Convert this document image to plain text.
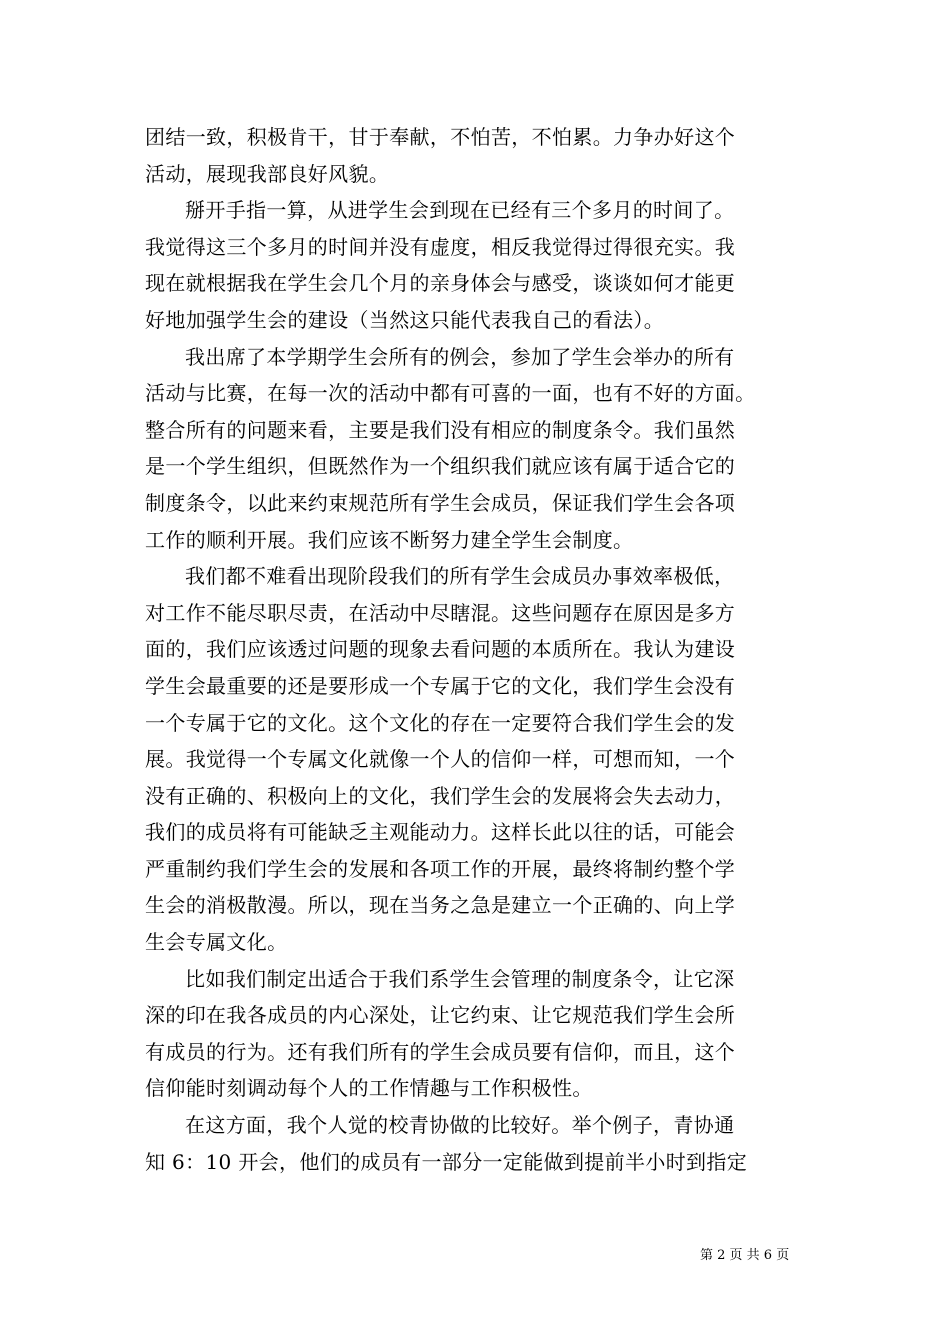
团结一致，积极肯干，甘于奉献，不怕苦，不怕累。力争办好这个
活动，展现我部良好风貌。
掰开手指一算，从进学生会到现在已经有三个多月的时间了。
我觉得这三个多月的时间并没有虚度，相反我觉得过得很充实。我
现在就根据我在学生会几个月的亲身体会与感受，谈谈如何才能更
好地加强学生会的建设（当然这只能代表我自己的看法）。
我出席了本学期学生会所有的例会，参加了学生会举办的所有
活动与比赛，在每一次的活动中都有可喜的一面，也有不好的方面。
整合所有的问题来看，主要是我们没有相应的制度条令。我们虽然
是一个学生组织，但既然作为一个组织我们就应该有属于适合它的
制度条令，以此来约束规范所有学生会成员，保证我们学生会各项
工作的顺利开展。我们应该不断努力建全学生会制度。
我们都不难看出现阶段我们的所有学生会成员办事效率极低，
对工作不能尽职尽责，在活动中尽瞎混。这些问题存在原因是多方
面的，我们应该透过问题的现象去看问题的本质所在。我认为建设
学生会最重要的还是要形成一个专属于它的文化，我们学生会没有
一个专属于它的文化。这个文化的存在一定要符合我们学生会的发
展。我觉得一个专属文化就像一个人的信仰一样，可想而知，一个
没有正确的、积极向上的文化，我们学生会的发展将会失去动力，
我们的成员将有可能缺乏主观能动力。这样长此以往的话，可能会
严重制约我们学生会的发展和各项工作的开展，最终将制约整个学
生会的消极散漫。所以，现在当务之急是建立一个正确的、向上学
生会专属文化。
比如我们制定出适合于我们系学生会管理的制度条令，让它深
深的印在我各成员的内心深处，让它约束、让它规范我们学生会所
有成员的行为。还有我们所有的学生会成员要有信仰，而且，这个
信仰能时刻调动每个人的工作情趣与工作积极性。
在这方面，我个人觉的校青协做的比较好。举个例子，青协通
知 6：10 开会，他们的成员有一部分一定能做到提前半小时到指定
第 2 页 共 6 页
